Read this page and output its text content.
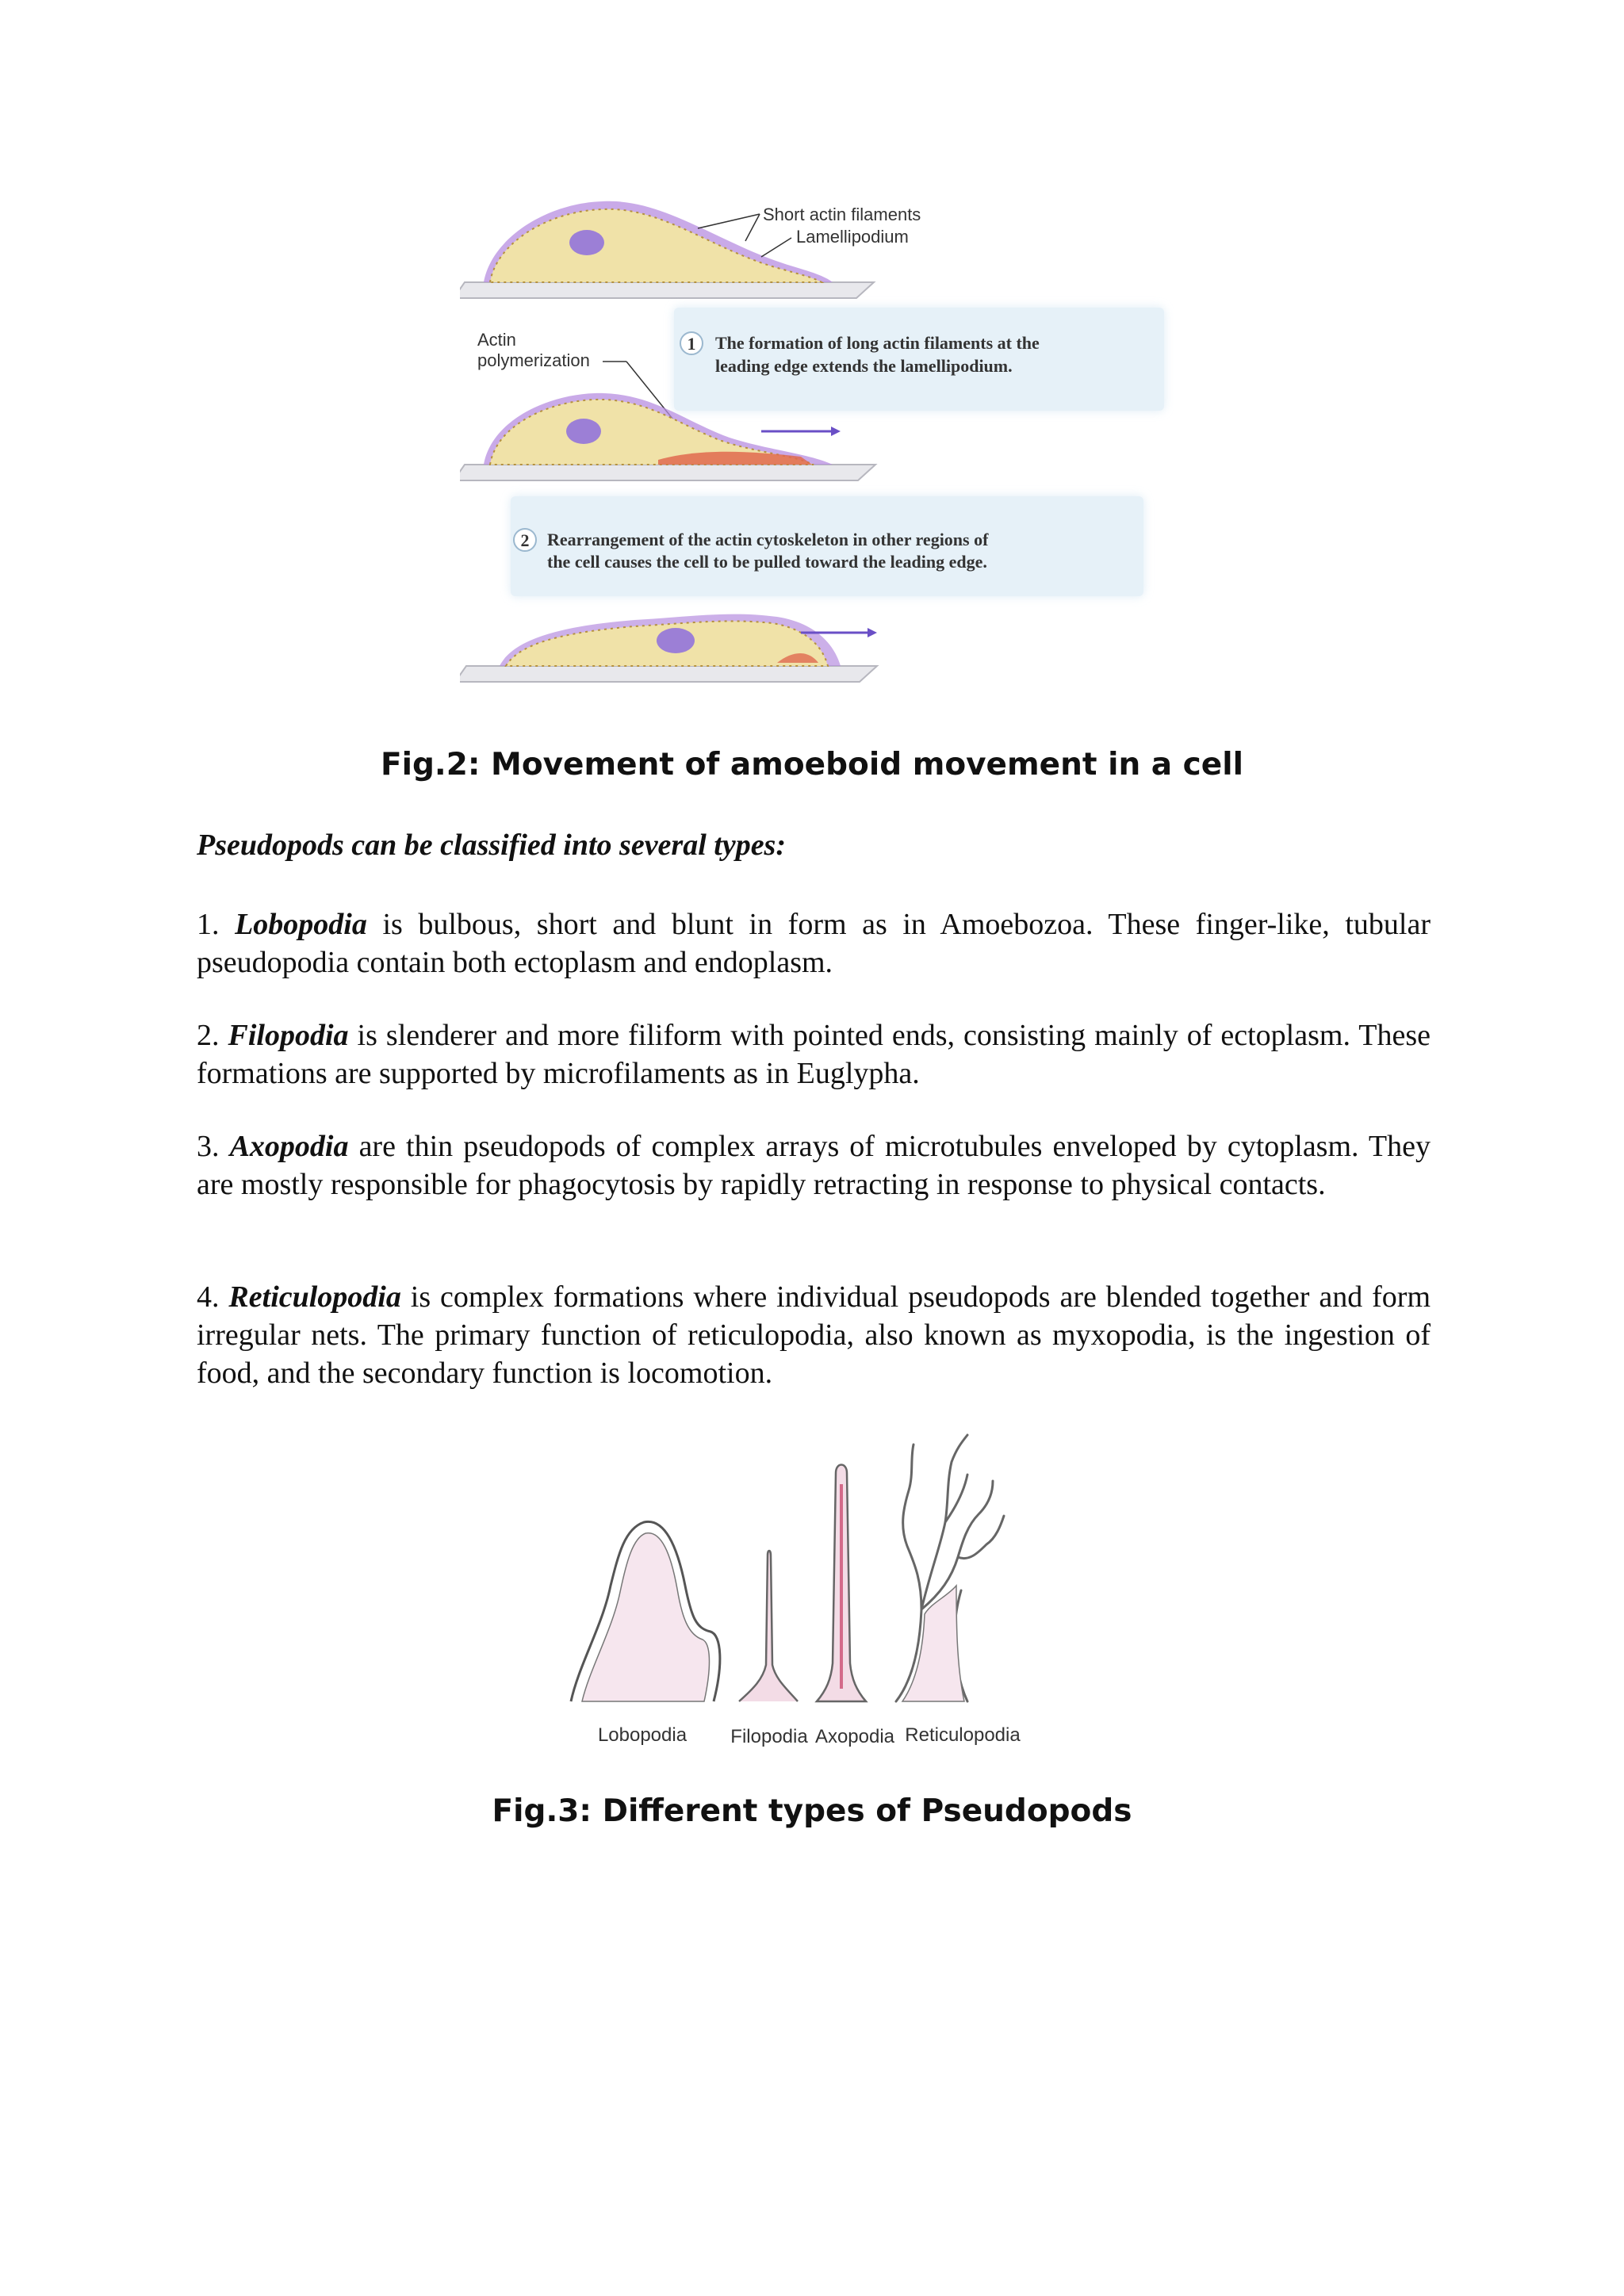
Short actin filaments
Lamellipodium
1 The formation of long actin filaments at the
leading edge extends the lamellipodium.
Actin
polymerization
2 Rearrangement of the actin cytoskeleton in other regions of
the cell causes the cell to be pulled toward the leading edge.
Fig.2: Movement of amoeboid movement in a cell
Pseudopods can be classified into several types:
1. Lobopodia is bulbous, short and blunt in form as in Amoebozoa. These finger-like, tubular pseudopodia contain both ectoplasm and endoplasm.
2. Filopodia is slenderer and more filiform with pointed ends, consisting mainly of ectoplasm. These formations are supported by microfilaments as in Euglypha.
3. Axopodia are thin pseudopods of complex arrays of microtubules enveloped by cytoplasm. They are mostly responsible for phagocytosis by rapidly retracting in response to physical contacts.
4. Reticulopodia is complex formations where individual pseudopods are blended together and form irregular nets. The primary function of reticulopodia, also known as myxopodia, is the ingestion of food, and the secondary function is locomotion.
Lobopodia Filopodia Axopodia Reticulopodia
Fig.3: Different types of Pseudopods
